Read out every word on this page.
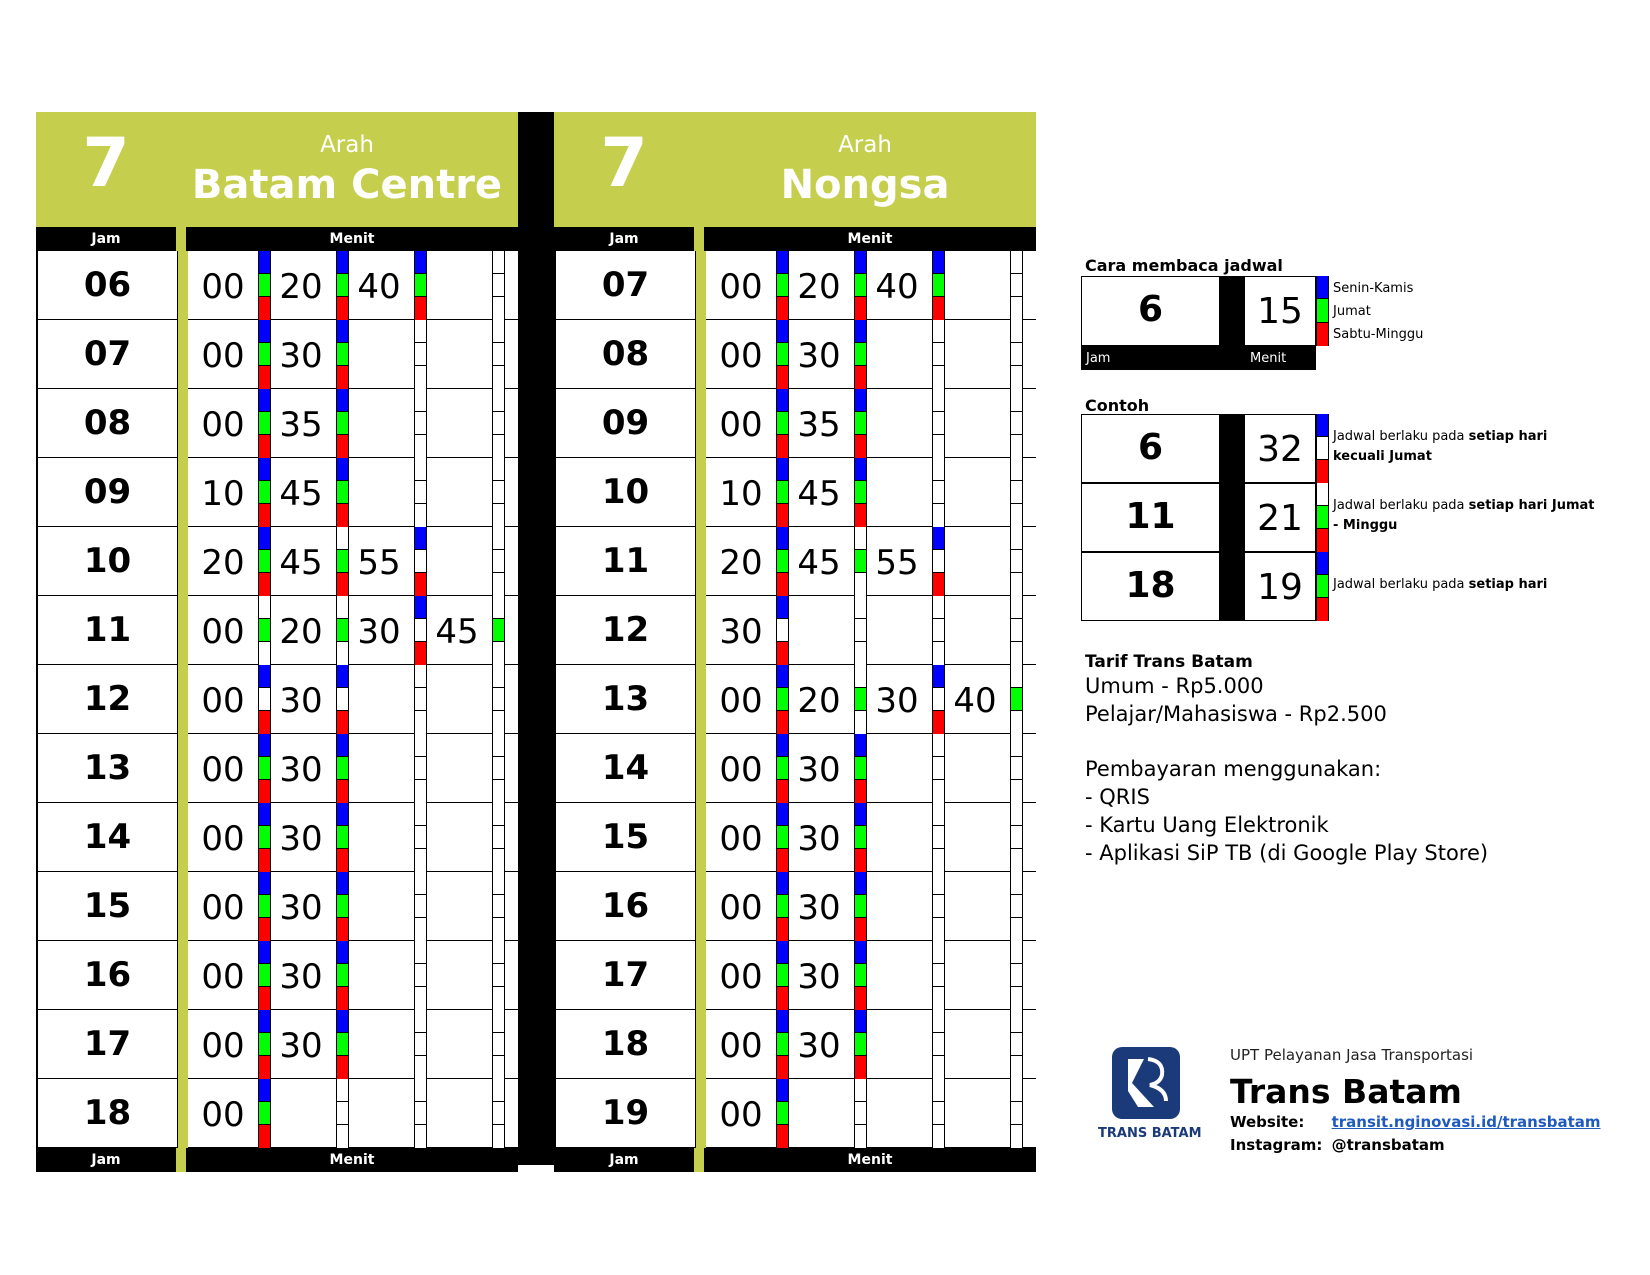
7	Arah
Batam Centre
Jam	Menit
06	00	20	40
07	00	30
08	00	35
09	10	45
10	20	45	55
11	00	20	30	45
12	00	30
13	00	30
14	00	30
15	00	30
16	00	30
17	00	30
18	00
Jam	Menit
7	Arah
Nongsa
Jam	Menit
07	00	20	40
08	00	30
09	00	35
10	10	45
11	20	45	55
12	30
13	00	20	30	40
14	00	30
15	00	30
16	00	30
17	00	30
18	00	30
19	00
Jam	Menit
Cara membaca jadwal
6	15
Jam	Menit
Senin-Kamis
Jumat
Sabtu-Minggu
Contoh
6	32	Jadwal berlaku pada setiap hari kecuali Jumat
11	21	Jadwal berlaku pada setiap hari Jumat - Minggu
18	19	Jadwal berlaku pada setiap hari
Tarif Trans Batam
Umum - Rp5.000
Pelajar/Mahasiswa - Rp2.500
Pembayaran menggunakan:
- QRIS
- Kartu Uang Elektronik
- Aplikasi SiP TB (di Google Play Store)
TRANS BATAM
UPT Pelayanan Jasa Transportasi
Trans Batam
Website: transit.nginovasi.id/transbatam
Instagram: @transbatam
